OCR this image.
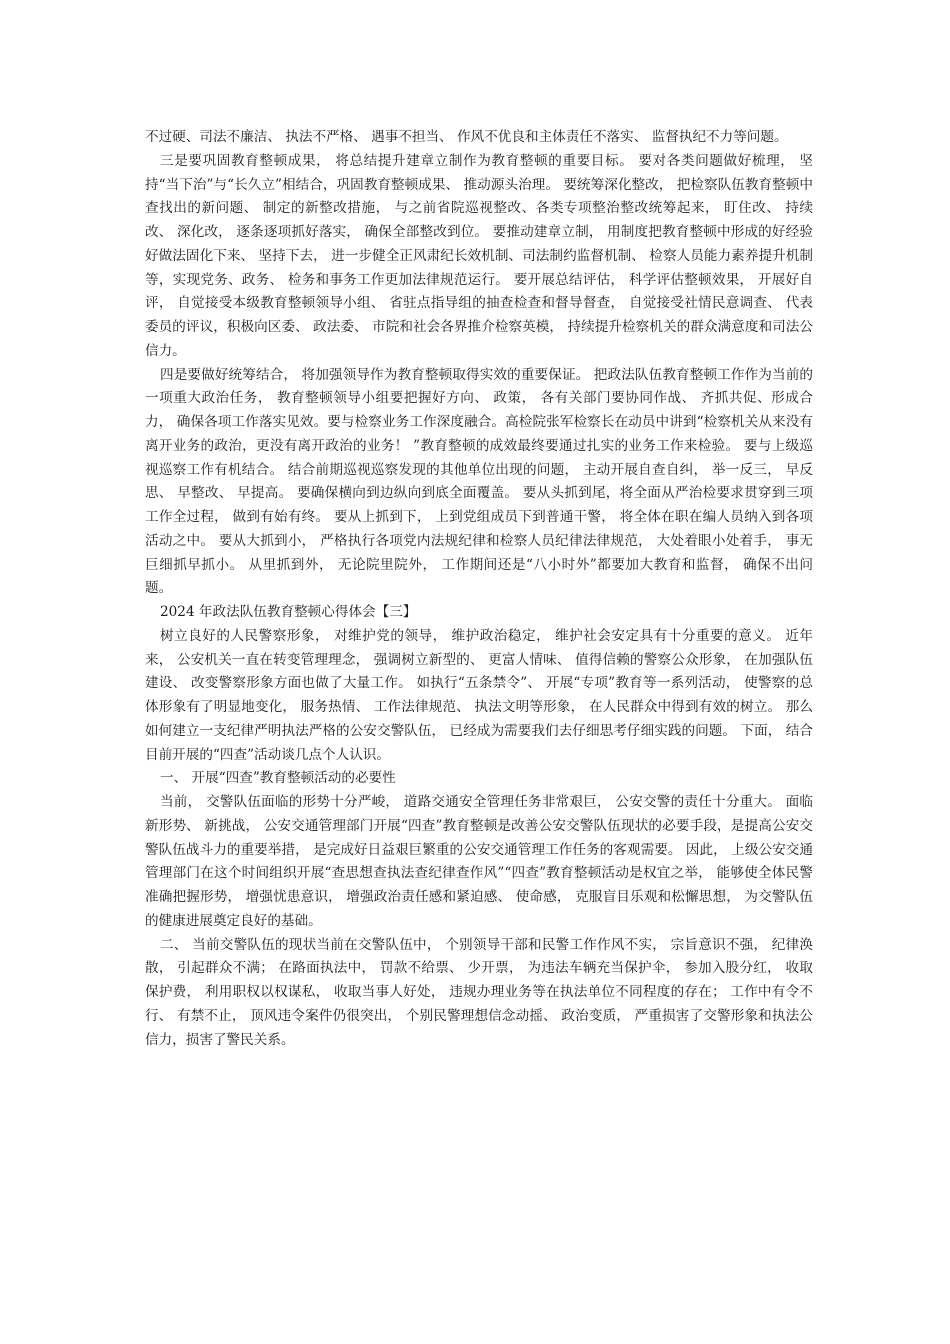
不过硬、司法不廉洁、 执法不严格、 遇事不担当、 作风不优良和主体责任不落实、 监督执纪不力等问题。

三是要巩固教育整顿成果， 将总结提升建章立制作为教育整顿的重要目标。 要对各类问题做好梳理， 坚持“当下治”与“长久立”相结合，巩固教育整顿成果、 推动源头治理。 要统筹深化整改， 把检察队伍教育整顿中查找出的新问题、 制定的新整改措施， 与之前省院巡视整改、各类专项整治整改统筹起来， 盯住改、 持续改、 深化改， 逐条逐项抓好落实， 确保全部整改到位。 要推动建章立制， 用制度把教育整顿中形成的好经验好做法固化下来、 坚持下去， 进一步健全正风肃纪长效机制、司法制约监督机制、 检察人员能力素养提升机制等，实现党务、政务、 检务和事务工作更加法律规范运行。 要开展总结评估， 科学评估整顿效果， 开展好自评， 自觉接受本级教育整顿领导小组、 省驻点指导组的抽查检查和督导督查， 自觉接受社情民意调查、 代表委员的评议，积极向区委、 政法委、 市院和社会各界推介检察英模， 持续提升检察机关的群众满意度和司法公信力。

四是要做好统筹结合， 将加强领导作为教育整顿取得实效的重要保证。 把政法队伍教育整顿工作作为当前的一项重大政治任务， 教育整顿领导小组要把握好方向、 政策， 各有关部门要协同作战、 齐抓共促、形成合力， 确保各项工作落实见效。要与检察业务工作深度融合。高检院张军检察长在动员中讲到“检察机关从来没有离开业务的政治，更没有离开政治的业务！ ”教育整顿的成效最终要通过扎实的业务工作来检验。 要与上级巡视巡察工作有机结合。 结合前期巡视巡察发现的其他单位出现的问题， 主动开展自查自纠， 举一反三， 早反思、 早整改、 早提高。 要确保横向到边纵向到底全面覆盖。 要从头抓到尾，将全面从严治检要求贯穿到三项工作全过程， 做到有始有终。 要从上抓到下， 上到党组成员下到普通干警， 将全体在职在编人员纳入到各项活动之中。 要从大抓到小， 严格执行各项党内法规纪律和检察人员纪律法律规范， 大处着眼小处着手， 事无巨细抓早抓小。 从里抓到外， 无论院里院外， 工作期间还是“八小时外”都要加大教育和监督， 确保不出问题。

2024 年政法队伍教育整顿心得体会【三】

树立良好的人民警察形象， 对维护党的领导， 维护政治稳定， 维护社会安定具有十分重要的意义。 近年来， 公安机关一直在转变管理理念， 强调树立新型的、 更富人情味、 值得信赖的警察公众形象， 在加强队伍建设、 改变警察形象方面也做了大量工作。 如执行“五条禁令”、 开展“专项”教育等一系列活动， 使警察的总体形象有了明显地变化， 服务热情、 工作法律规范、 执法文明等形象， 在人民群众中得到有效的树立。 那么如何建立一支纪律严明执法严格的公安交警队伍， 已经成为需要我们去仔细思考仔细实践的问题。 下面， 结合目前开展的“四查”活动谈几点个人认识。

一、 开展“四查”教育整顿活动的必要性

当前， 交警队伍面临的形势十分严峻， 道路交通安全管理任务非常艰巨， 公安交警的责任十分重大。 面临新形势、 新挑战， 公安交通管理部门开展“四查”教育整顿是改善公安交警队伍现状的必要手段，是提高公安交警队伍战斗力的重要举措， 是完成好日益艰巨繁重的公安交通管理工作任务的客观需要。 因此， 上级公安交通管理部门在这个时间组织开展“查思想查执法查纪律查作风”“四查”教育整顿活动是权宜之举， 能够使全体民警准确把握形势， 增强忧患意识， 增强政治责任感和紧迫感、 使命感， 克服盲目乐观和松懈思想， 为交警队伍的健康进展奠定良好的基础。

二、 当前交警队伍的现状当前在交警队伍中， 个别领导干部和民警工作作风不实， 宗旨意识不强， 纪律涣散， 引起群众不满； 在路面执法中， 罚款不给票、 少开票， 为违法车辆充当保护伞， 参加入股分红， 收取保护费， 利用职权以权谋私， 收取当事人好处， 违规办理业务等在执法单位不同程度的存在； 工作中有令不行、 有禁不止， 顶风违令案件仍很突出， 个别民警理想信念动摇、 政治变质， 严重损害了交警形象和执法公信力，损害了警民关系。
